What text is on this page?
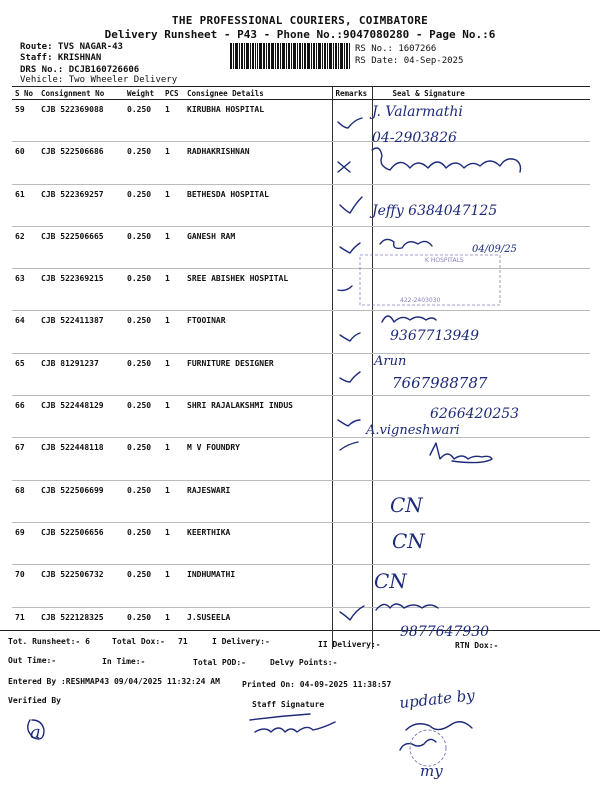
THE PROFESSIONAL COURIERS, COIMBATORE
Delivery Runsheet - P43 - Phone No.:9047080280 - Page No.:6
Route: TVS NAGAR-43
Staff: KRISHNAN
DRS No.: DCJB160726606
Vehicle: Two Wheeler Delivery
RS No.: 1607266
RS Date: 04-Sep-2025
S No	Consignment No	Weight	PCS	Consignee Details	Remarks	Seal & Signature
59	CJB 522369088	0.250	1	KIRUBHA HOSPITAL		
60	CJB 522506686	0.250	1	RADHAKRISHNAN		
61	CJB 522369257	0.250	1	BETHESDA HOSPITAL		
62	CJB 522506665	0.250	1	GANESH RAM		
63	CJB 522369215	0.250	1	SREE ABISHEK HOSPITAL		
64	CJB 522411387	0.250	1	FTOOINAR		
65	CJB 81291237	0.250	1	FURNITURE DESIGNER		
66	CJB 522448129	0.250	1	SHRI RAJALAKSHMI INDUS		
67	CJB 522448118	0.250	1	M V FOUNDRY		
68	CJB 522506699	0.250	1	RAJESWARI		
69	CJB 522506656	0.250	1	KEERTHIKA		
70	CJB 522506732	0.250	1	INDHUMATHI		
71	CJB 522128325	0.250	1	J.SUSEELA		
Tot. Runsheet:- 6	Total Dox:- 71	I Delivery:-	II Delivery:-	RTN Dox:-
Out Time:-	In Time:-	Total POD:-	Delvy Points:-
Entered By :RESHMAP43 09/04/2025 11:32:24 AM	Printed On: 04-09-2025 11:38:57
Verified By	Staff Signature
K HOSPITALS
422-2403030
J. Valarmathi
04-2903826
Jeffy 6384047125
04/09/25
9367713949
Arun
7667988787
6266420253
A.vigneshwari
CN
CN
CN
9877647930
update by
my
a
